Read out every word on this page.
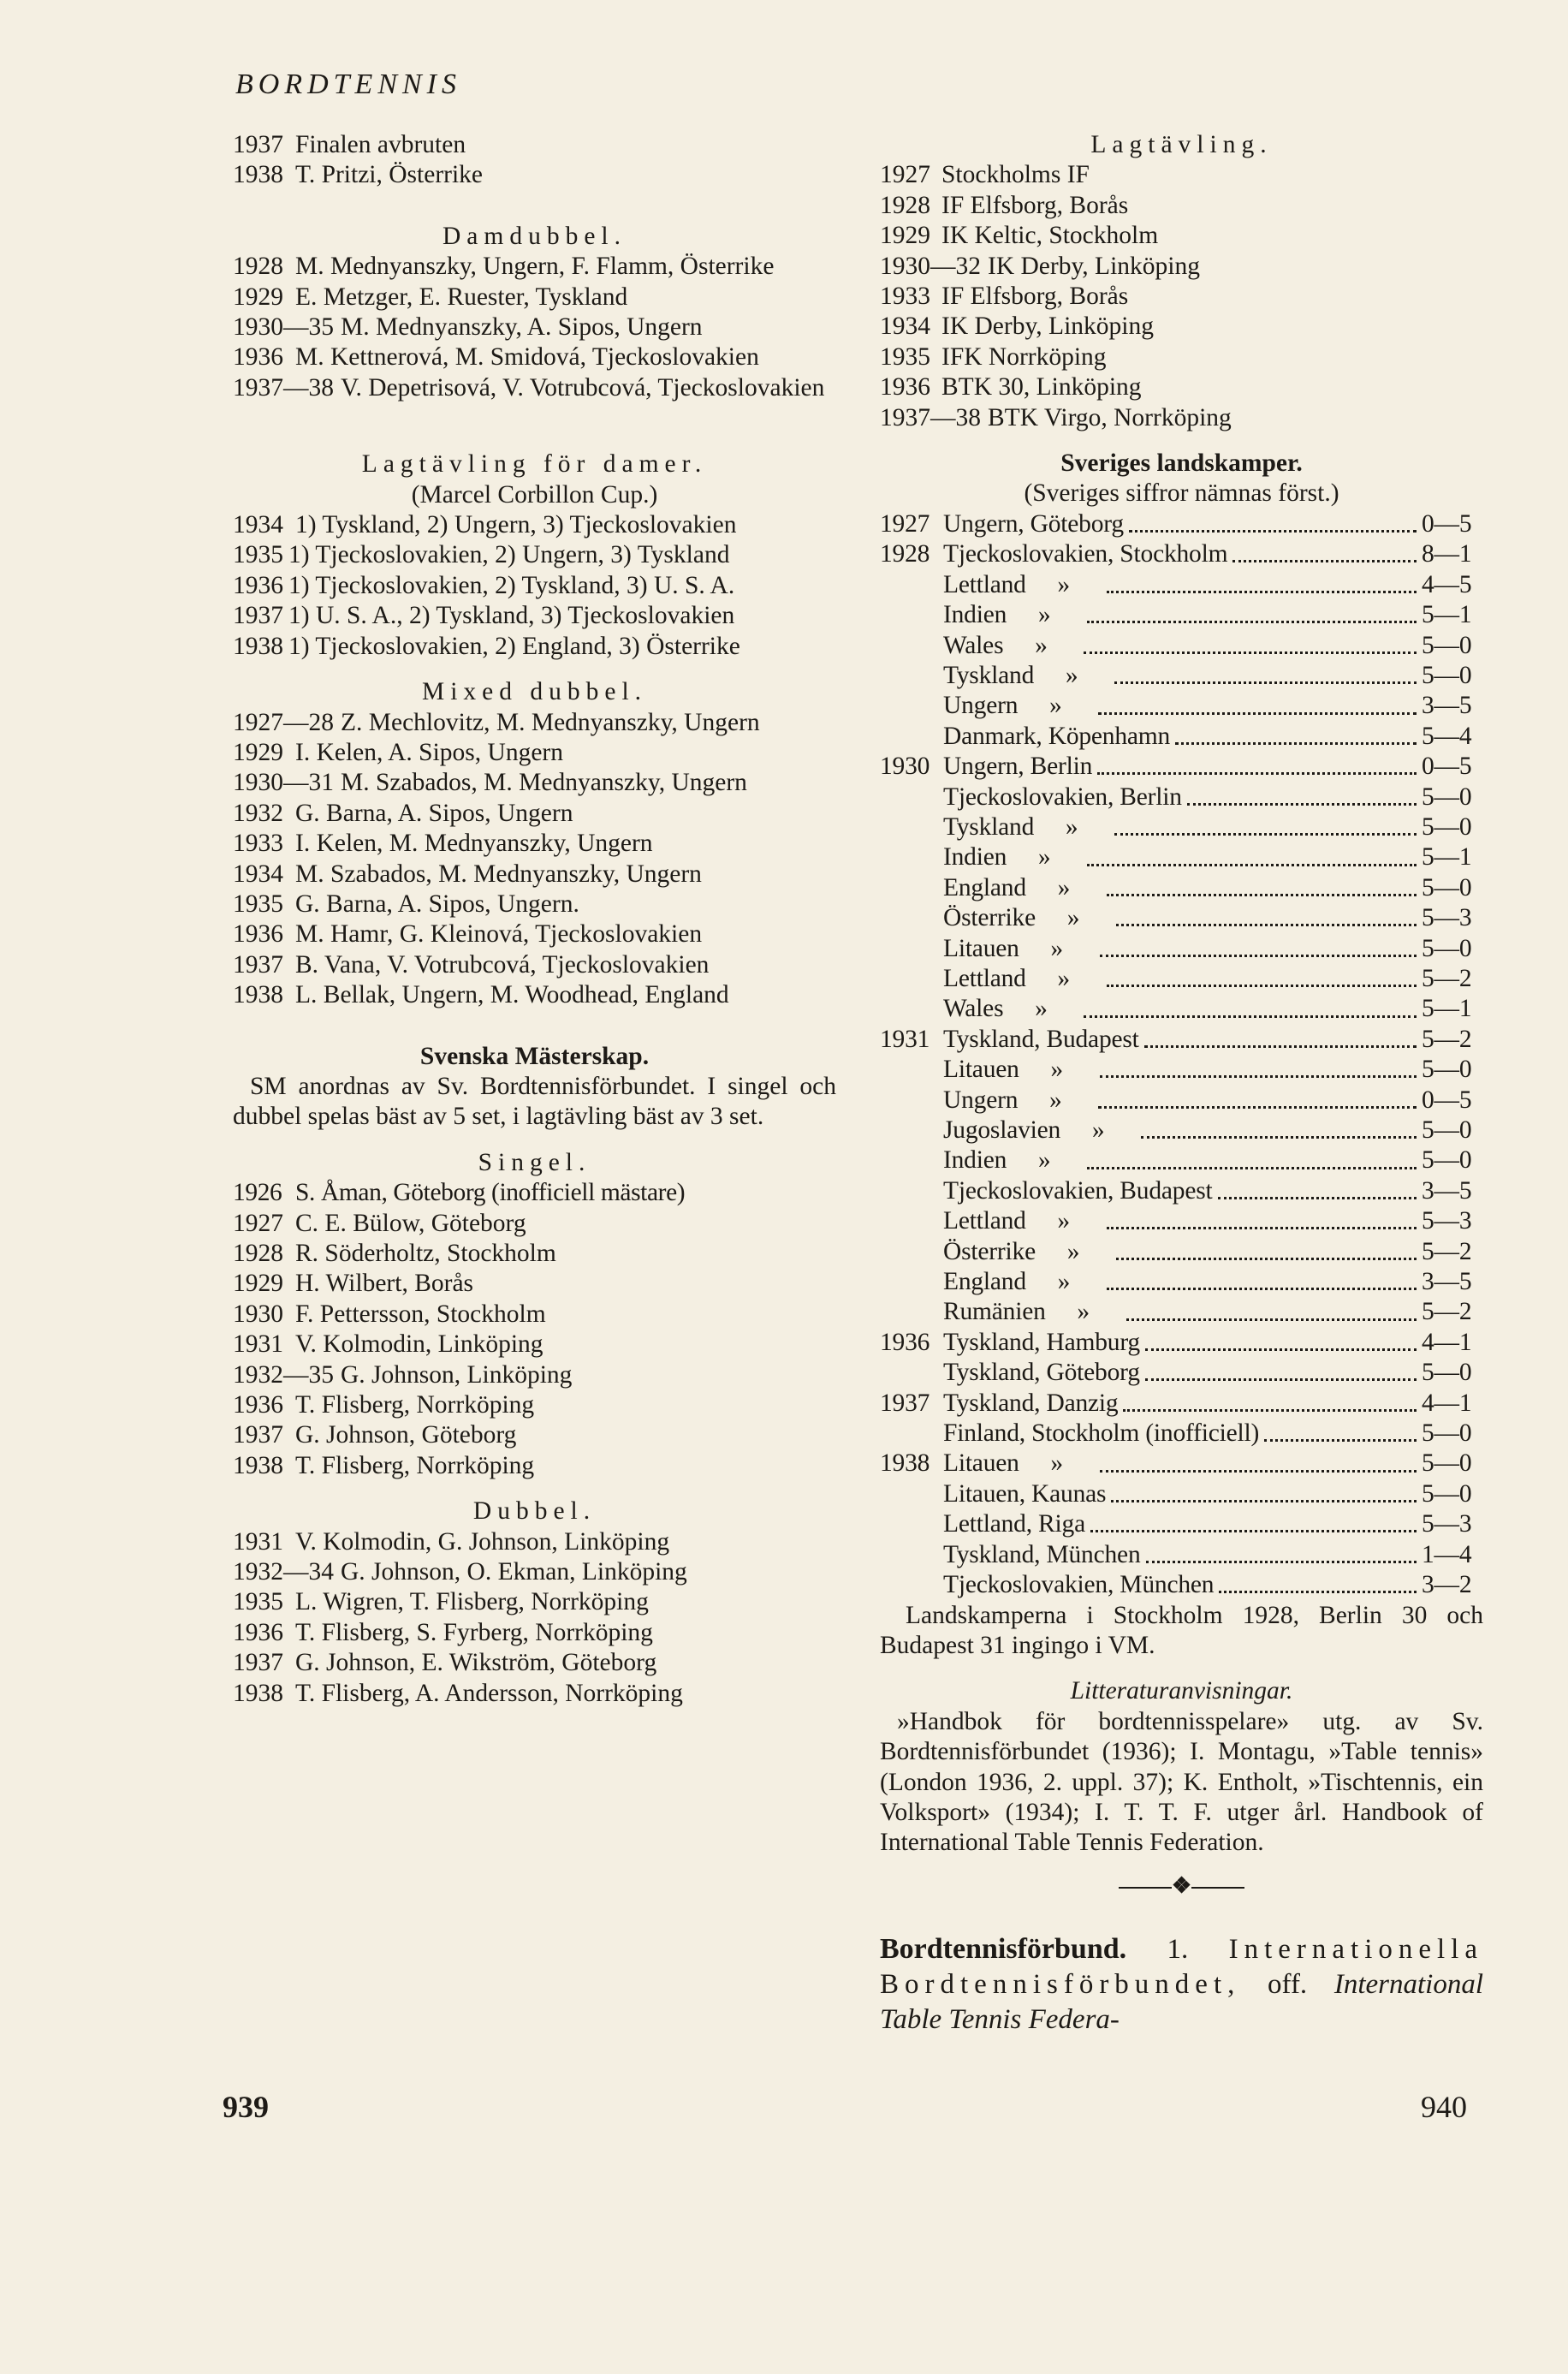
BORDTENNIS

1937 Finalen avbruten

1938 T. Pritzi, Österrike

Damdubbel.

1928 M. Mednyanszky, Ungern, F. Flamm, Österrike

1929 E. Metzger, E. Ruester, Tyskland

1930—35 M. Mednyanszky, A. Sipos, Ungern

1936 M. Kettnerová, M. Smidová, Tjeckoslovakien

1937—38 V. Depetrisová, V. Votrubcová, Tjeckoslovakien

Lagtävling för damer.

(Marcel Corbillon Cup.)

1934 1) Tyskland, 2) Ungern, 3) Tjeckoslovakien

1935 1) Tjeckoslovakien, 2) Ungern, 3) Tyskland

1936 1) Tjeckoslovakien, 2) Tyskland, 3) U. S. A.

1937 1) U. S. A., 2) Tyskland, 3) Tjeckoslovakien

1938 1) Tjeckoslovakien, 2) England, 3) Österrike

Mixed dubbel.

1927—28 Z. Mechlovitz, M. Mednyanszky, Ungern

1929 I. Kelen, A. Sipos, Ungern

1930—31 M. Szabados, M. Mednyanszky, Ungern

1932 G. Barna, A. Sipos, Ungern

1933 I. Kelen, M. Mednyanszky, Ungern

1934 M. Szabados, M. Mednyanszky, Ungern

1935 G. Barna, A. Sipos, Ungern.

1936 M. Hamr, G. Kleinová, Tjeckoslovakien

1937 B. Vana, V. Votrubcová, Tjeckoslovakien

1938 L. Bellak, Ungern, M. Woodhead, England

Svenska Mästerskap.

SM anordnas av Sv. Bordtennisförbundet. I singel och dubbel spelas bäst av 5 set, i lagtävling bäst av 3 set.

Singel.

1926 S. Åman, Göteborg (inofficiell mästare)

1927 C. E. Bülow, Göteborg

1928 R. Söderholtz, Stockholm

1929 H. Wilbert, Borås

1930 F. Pettersson, Stockholm

1931 V. Kolmodin, Linköping

1932—35 G. Johnson, Linköping

1936 T. Flisberg, Norrköping

1937 G. Johnson, Göteborg

1938 T. Flisberg, Norrköping

Dubbel.

1931 V. Kolmodin, G. Johnson, Linköping

1932—34 G. Johnson, O. Ekman, Linköping

1935 L. Wigren, T. Flisberg, Norrköping

1936 T. Flisberg, S. Fyrberg, Norrköping

1937 G. Johnson, E. Wikström, Göteborg

1938 T. Flisberg, A. Andersson, Norrköping

Lagtävling.

1927 Stockholms IF

1928 IF Elfsborg, Borås

1929 IK Keltic, Stockholm

1930—32 IK Derby, Linköping

1933 IF Elfsborg, Borås

1934 IK Derby, Linköping

1935 IFK Norrköping

1936 BTK 30, Linköping

1937—38 BTK Virgo, Norrköping

Sveriges landskamper.

(Sveriges siffror nämnas först.)

1927 Ungern, Göteborg	0—5
1928 Tjeckoslovakien, Stockholm	8—1
Lettland	»	4—5
Indien	»	5—1
Wales	»	5—0
Tyskland	»	5—0
Ungern	»	3—5
Danmark, Köpenhamn	5—4
1930 Ungern, Berlin	0—5
Tjeckoslovakien, Berlin	5—0
Tyskland	»	5—0
Indien	»	5—1
England	»	5—0
Österrike	»	5—3
Litauen	»	5—0
Lettland	»	5—2
Wales	»	5—1
1931 Tyskland, Budapest	5—2
Litauen	»	5—0
Ungern	»	0—5
Jugoslavien	»	5—0
Indien	»	5—0
Tjeckoslovakien, Budapest	3—5
Lettland	»	5—3
Österrike	»	5—2
England	»	3—5
Rumänien	»	5—2
1936 Tyskland, Hamburg	4—1
Tyskland, Göteborg	5—0
1937 Tyskland, Danzig	4—1
Finland, Stockholm (inofficiell)	5—0
1938 Litauen	»	5—0
Litauen, Kaunas	5—0
Lettland, Riga	5—3
Tyskland, München	1—4
Tjeckoslovakien, München	3—2

Landskamperna i Stockholm 1928, Berlin 30 och Budapest 31 ingingo i VM.

Litteraturanvisningar.

»Handbok för bordtennisspelare» utg. av Sv. Bordtennisförbundet (1936); I. Montagu, »Table tennis» (London 1936, 2. uppl. 37); K. Entholt, »Tischtennis, ein Volksport» (1934); I. T. T. F. utger årl. Handbook of International Table Tennis Federation.

❖

Bordtennisförbund. 1. Internationella Bordtennisförbundet, off. International Table Tennis Federa-

939	940
